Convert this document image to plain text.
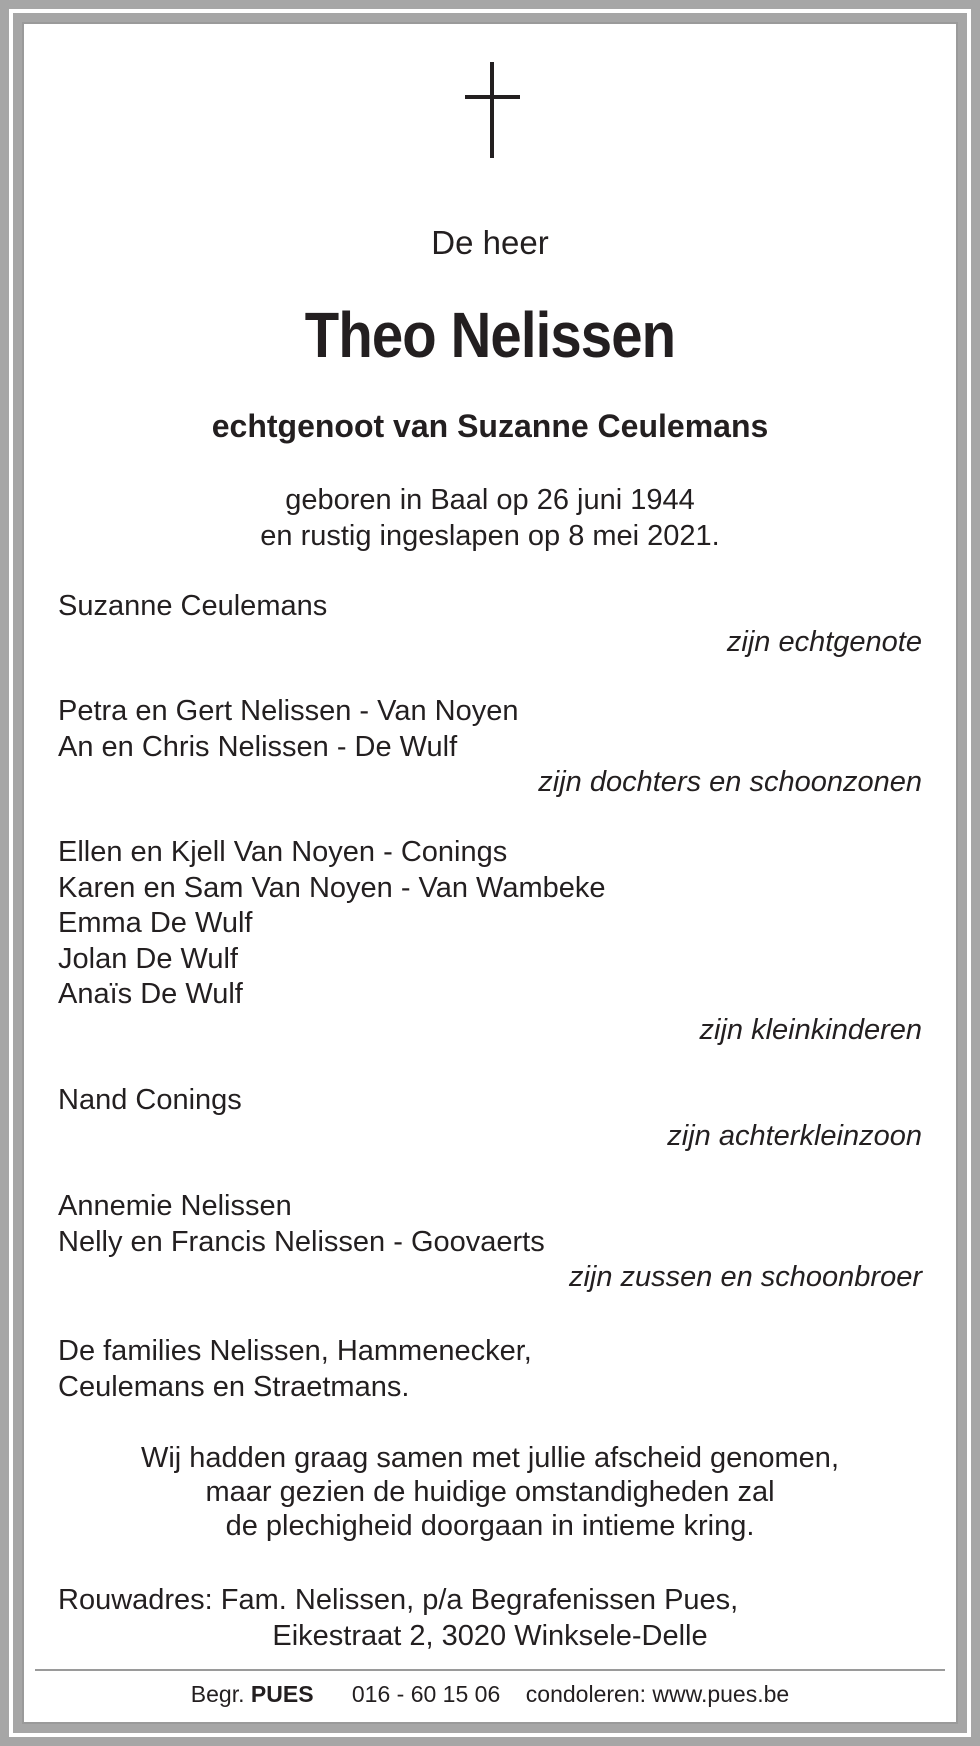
De heer
Theo Nelissen
echtgenoot van Suzanne Ceulemans
geboren in Baal op 26 juni 1944
en rustig ingeslapen op 8 mei 2021.
Suzanne Ceulemans
zijn echtgenote
Petra en Gert Nelissen - Van Noyen
An en Chris Nelissen - De Wulf
zijn dochters en schoonzonen
Ellen en Kjell Van Noyen - Conings
Karen en Sam Van Noyen - Van Wambeke
Emma De Wulf
Jolan De Wulf
Anaïs De Wulf
zijn kleinkinderen
Nand Conings
zijn achterkleinzoon
Annemie Nelissen
Nelly en Francis Nelissen - Goovaerts
zijn zussen en schoonbroer
De families Nelissen, Hammenecker,
Ceulemans en Straetmans.
Wij hadden graag samen met jullie afscheid genomen,
maar gezien de huidige omstandigheden zal
de plechigheid doorgaan in intieme kring.
Rouwadres: Fam. Nelissen, p/a Begrafenissen Pues,
Eikestraat 2, 3020 Winksele-Delle
Begr. PUES 016 - 60 15 06 condoleren: www.pues.be
